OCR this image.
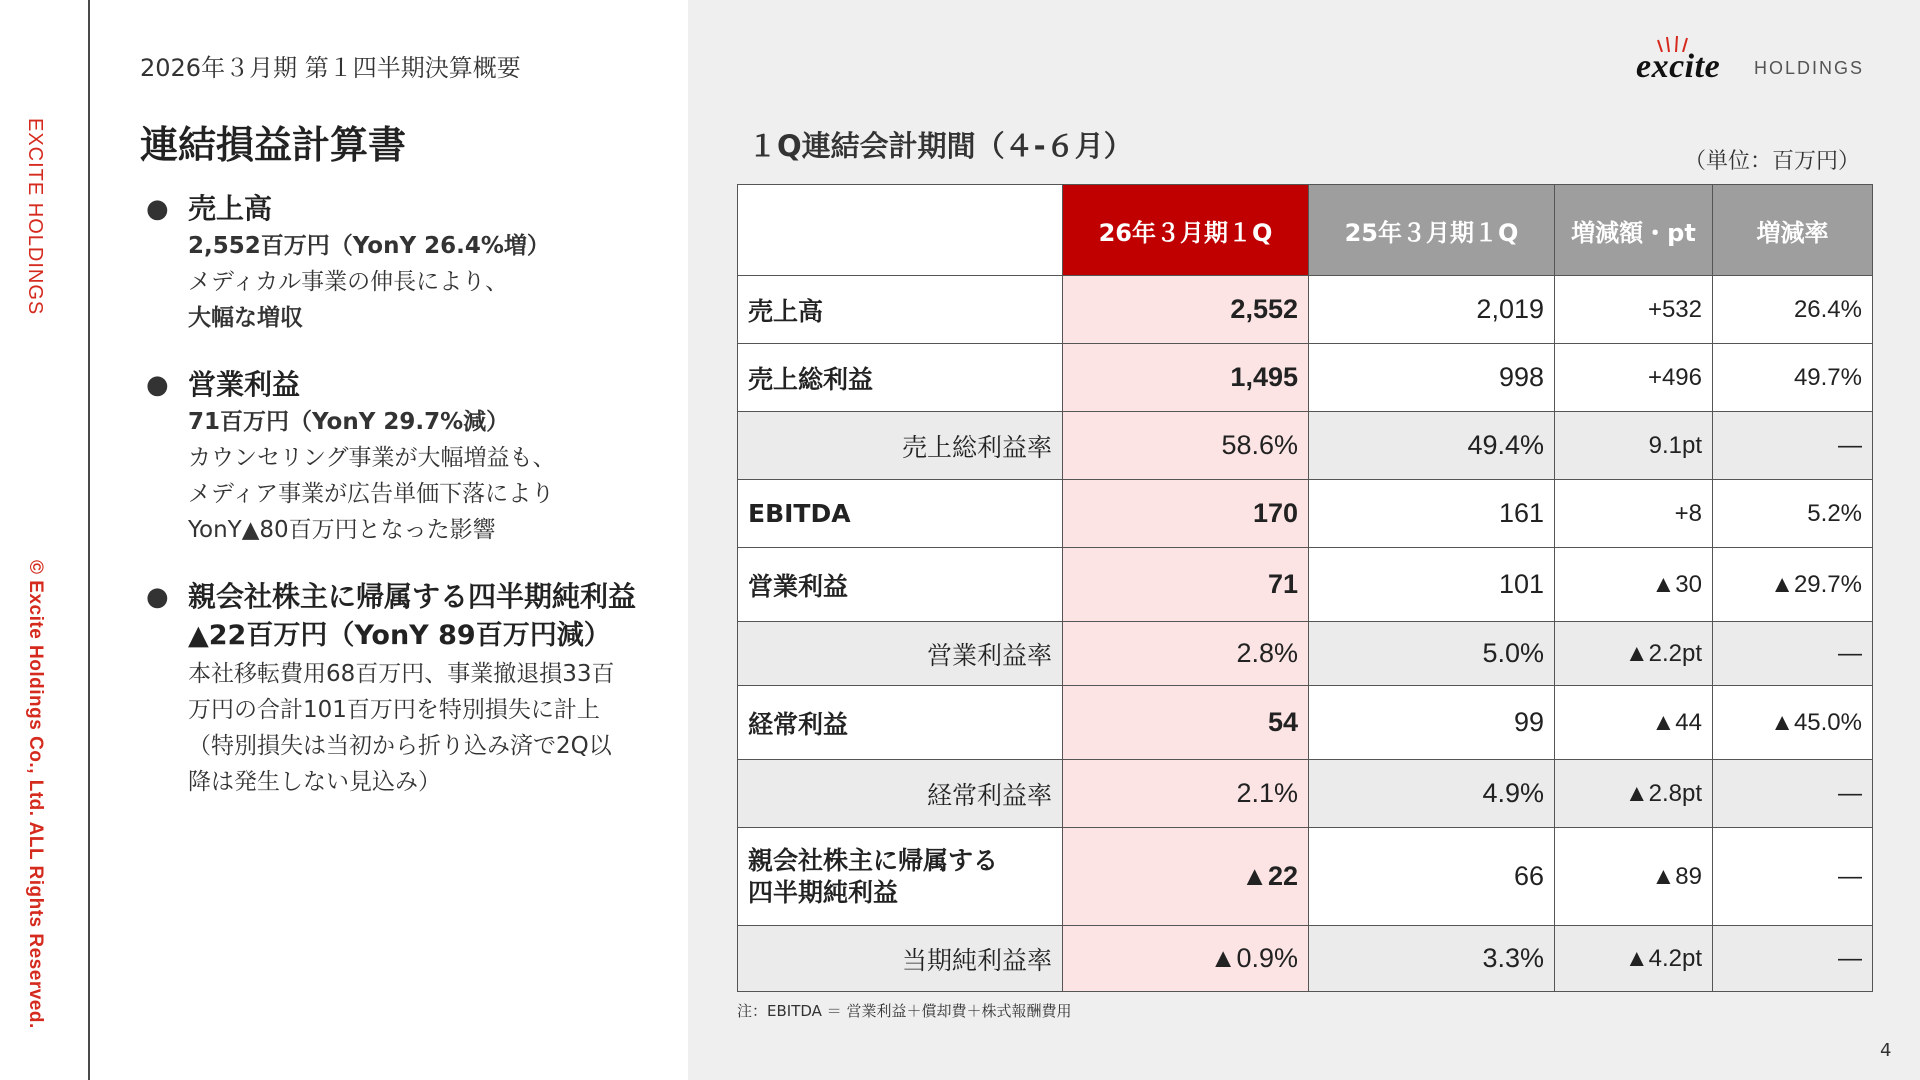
EXCITE HOLDINGS
© Excite Holdings Co., Ltd. ALL Rights Reserved.
2026年３月期 第１四半期決算概要
連結損益計算書
● 売上高
2,552百万円（YonY 26.4%増）
メディカル事業の伸長により、
大幅な増収
● 営業利益
71百万円（YonY 29.7%減）
カウンセリング事業が大幅増益も、
メディア事業が広告単価下落により
YonY▲80百万円となった影響
● 親会社株主に帰属する四半期純利益
▲22百万円（YonY 89百万円減）
本社移転費用68百万円、事業撤退損33百
万円の合計101百万円を特別損失に計上
（特別損失は当初から折り込み済で2Q以
降は発生しない見込み）
excite HOLDINGS
１Q連結会計期間（４-６月）	（単位：百万円）
	26年３月期１Q	25年３月期１Q	増減額・pt	増減率
売上高	2,552	2,019	+532	26.4%
売上総利益	1,495	998	+496	49.7%
売上総利益率	58.6%	49.4%	9.1pt	―
EBITDA	170	161	+8	5.2%
営業利益	71	101	▲30	▲29.7%
営業利益率	2.8%	5.0%	▲2.2pt	―
経常利益	54	99	▲44	▲45.0%
経常利益率	2.1%	4.9%	▲2.8pt	―
親会社株主に帰属する
四半期純利益	▲22	66	▲89	―
当期純利益率	▲0.9%	3.3%	▲4.2pt	―
注：EBITDA ＝ 営業利益＋償却費＋株式報酬費用
4
